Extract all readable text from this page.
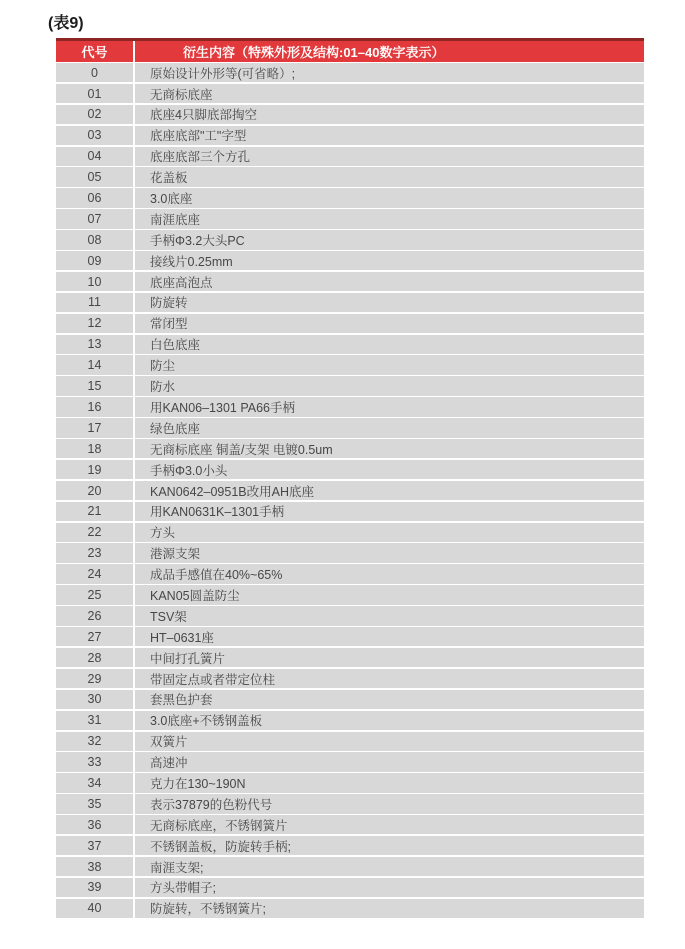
(表9)
代号	衍生内容（特殊外形及结构:01–40数字表示）
0	原始设计外形等(可省略）;
01	无商标底座
02	底座4只脚底部掏空
03	底座底部"工"字型
04	底座底部三个方孔
05	花盖板
06	3.0底座
07	南涯底座
08	手柄Φ3.2大头PC
09	接线片0.25mm
10	底座高泡点
11	防旋转
12	常闭型
13	白色底座
14	防尘
15	防水
16	用KAN06–1301 PA66手柄
17	绿色底座
18	无商标底座 铜盖/支架 电镀0.5um
19	手柄Φ3.0小头
20	KAN0642–0951B改用AH底座
21	用KAN0631K–1301手柄
22	方头
23	港源支架
24	成品手感值在40%~65%
25	KAN05圆盖防尘
26	TSV架
27	HT–0631座
28	中间打孔簧片
29	带固定点或者带定位柱
30	套黑色护套
31	3.0底座+不锈钢盖板
32	双簧片
33	高速冲
34	克力在130~190N
35	表示37879的色粉代号
36	无商标底座，不锈钢簧片
37	不锈钢盖板，防旋转手柄;
38	南涯支架;
39	方头带帽子;
40	防旋转，不锈钢簧片;
